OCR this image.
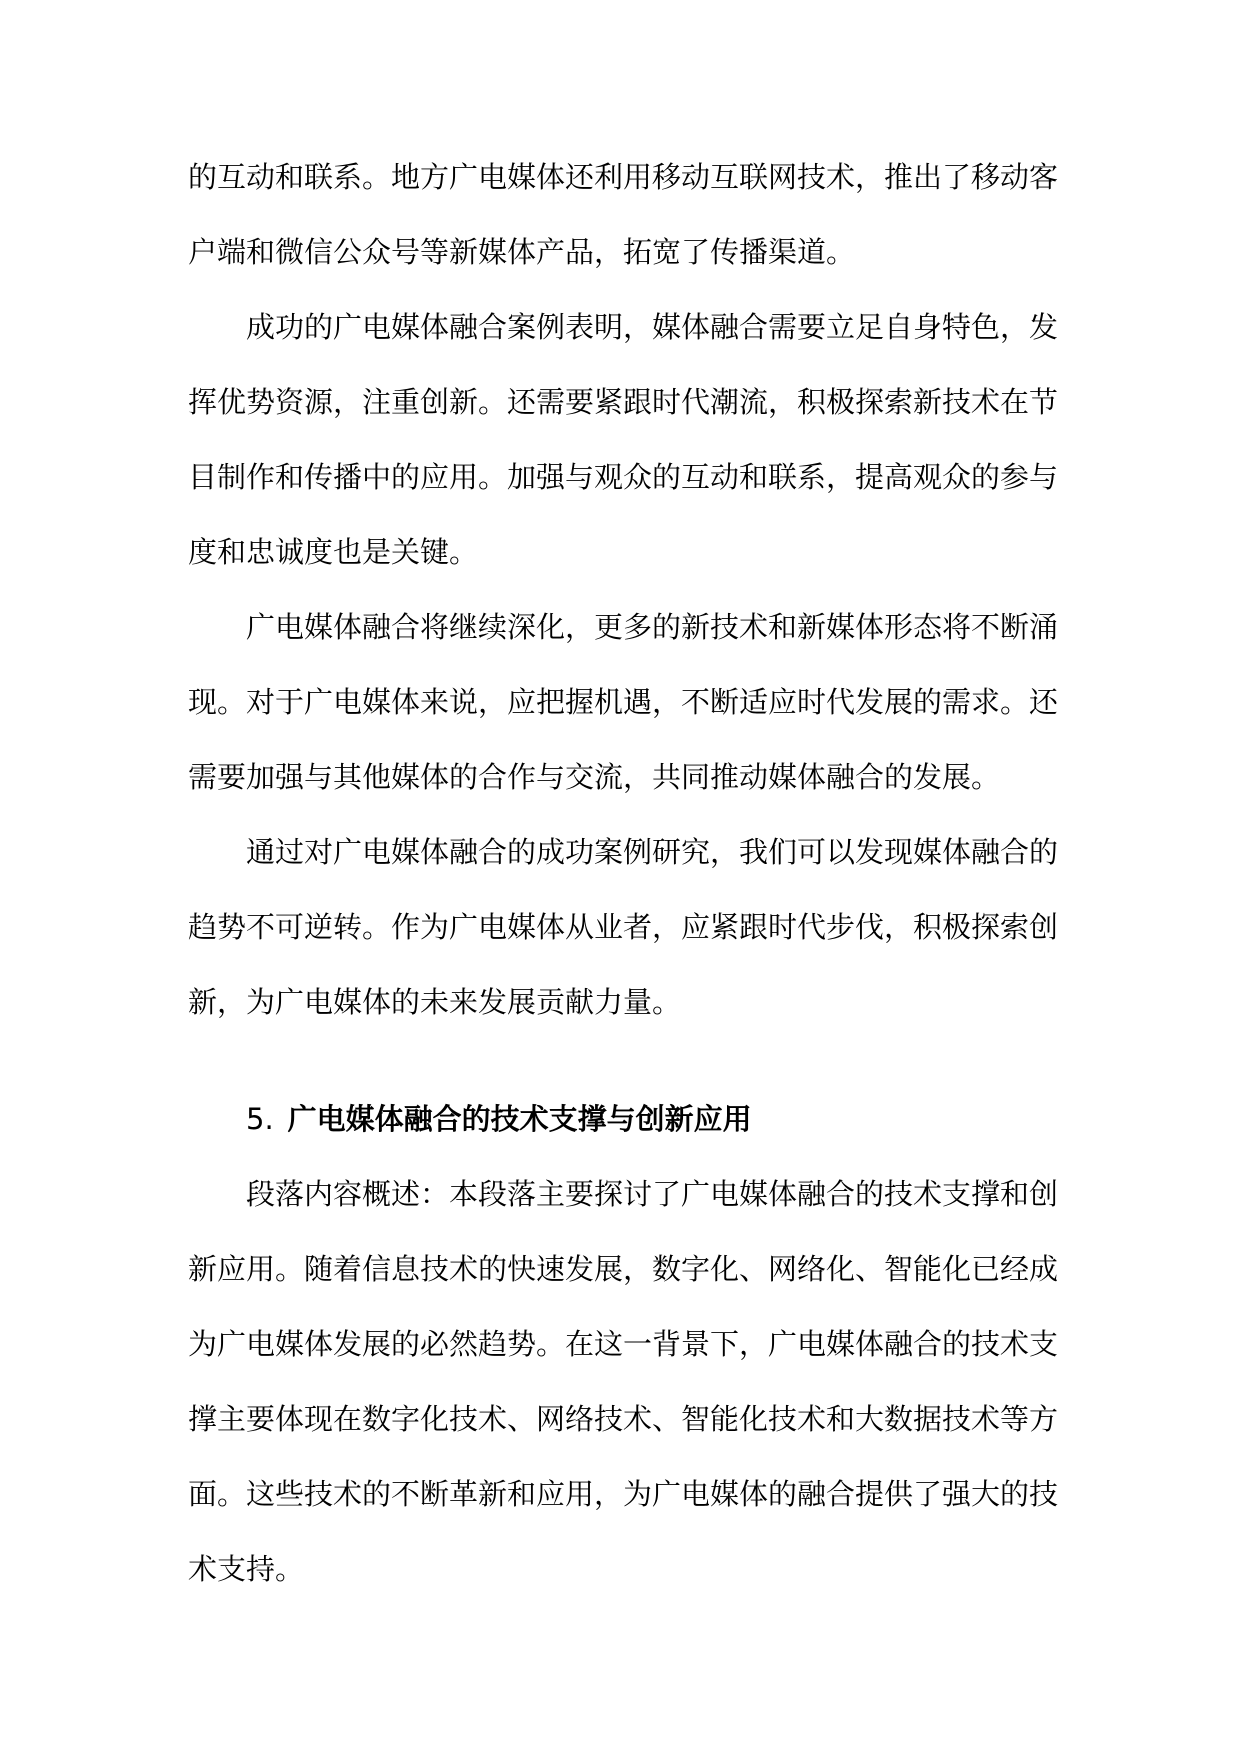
的互动和联系。地方广电媒体还利用移动互联网技术，推出了移动客户端和微信公众号等新媒体产品，拓宽了传播渠道。

成功的广电媒体融合案例表明，媒体融合需要立足自身特色，发挥优势资源，注重创新。还需要紧跟时代潮流，积极探索新技术在节目制作和传播中的应用。加强与观众的互动和联系，提高观众的参与度和忠诚度也是关键。

广电媒体融合将继续深化，更多的新技术和新媒体形态将不断涌现。对于广电媒体来说，应把握机遇，不断适应时代发展的需求。还需要加强与其他媒体的合作与交流，共同推动媒体融合的发展。

通过对广电媒体融合的成功案例研究，我们可以发现媒体融合的趋势不可逆转。作为广电媒体从业者，应紧跟时代步伐，积极探索创新，为广电媒体的未来发展贡献力量。

5. 广电媒体融合的技术支撑与创新应用

段落内容概述：本段落主要探讨了广电媒体融合的技术支撑和创新应用。随着信息技术的快速发展，数字化、网络化、智能化已经成为广电媒体发展的必然趋势。在这一背景下，广电媒体融合的技术支撑主要体现在数字化技术、网络技术、智能化技术和大数据技术等方面。这些技术的不断革新和应用，为广电媒体的融合提供了强大的技术支持。
